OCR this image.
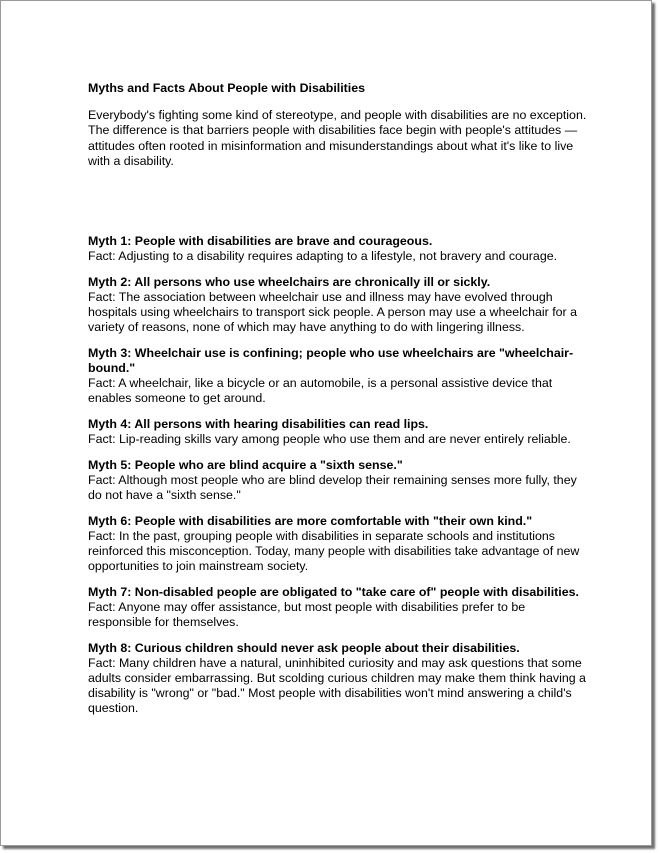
Myths and Facts About People with Disabilities

Everybody's fighting some kind of stereotype, and people with disabilities are no exception. The difference is that barriers people with disabilities face begin with people's attitudes — attitudes often rooted in misinformation and misunderstandings about what it's like to live with a disability.

Myth 1: People with disabilities are brave and courageous.

Fact: Adjusting to a disability requires adapting to a lifestyle, not bravery and courage.

Myth 2: All persons who use wheelchairs are chronically ill or sickly.

Fact: The association between wheelchair use and illness may have evolved through hospitals using wheelchairs to transport sick people. A person may use a wheelchair for a variety of reasons, none of which may have anything to do with lingering illness.

Myth 3: Wheelchair use is confining; people who use wheelchairs are "wheelchair-bound."

Fact: A wheelchair, like a bicycle or an automobile, is a personal assistive device that enables someone to get around.

Myth 4: All persons with hearing disabilities can read lips.

Fact: Lip-reading skills vary among people who use them and are never entirely reliable.

Myth 5: People who are blind acquire a "sixth sense."

Fact: Although most people who are blind develop their remaining senses more fully, they do not have a "sixth sense."

Myth 6: People with disabilities are more comfortable with "their own kind."

Fact: In the past, grouping people with disabilities in separate schools and institutions reinforced this misconception. Today, many people with disabilities take advantage of new opportunities to join mainstream society.

Myth 7: Non-disabled people are obligated to "take care of" people with disabilities.

Fact: Anyone may offer assistance, but most people with disabilities prefer to be responsible for themselves.

Myth 8: Curious children should never ask people about their disabilities.

Fact: Many children have a natural, uninhibited curiosity and may ask questions that some adults consider embarrassing. But scolding curious children may make them think having a disability is "wrong" or "bad." Most people with disabilities won't mind answering a child's question.
